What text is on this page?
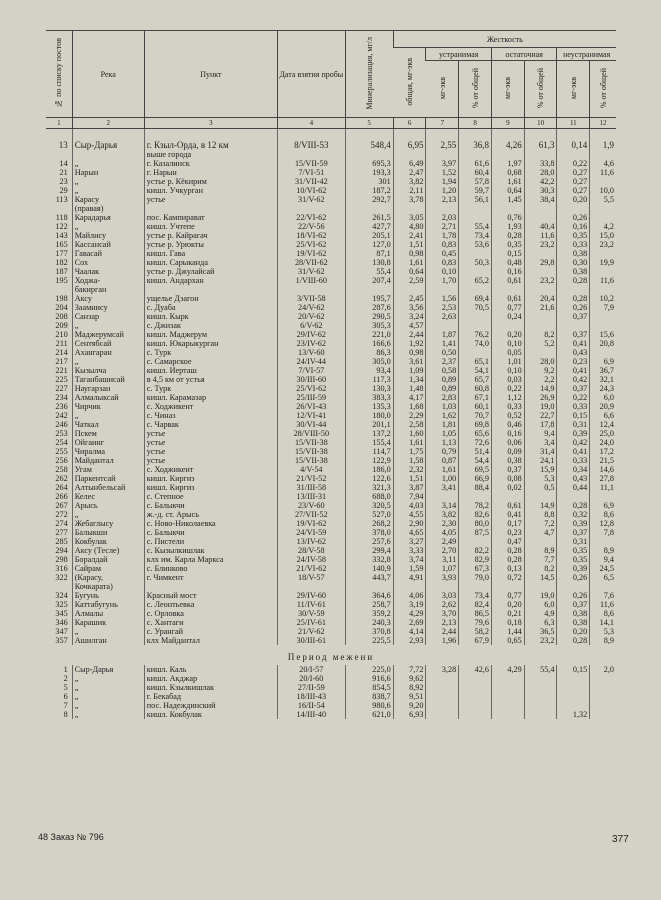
№ по списку постов	Река	Пункт	Дата взятия пробы	Минерализация, мг/л	Жесткость						
					общая, мг-экв	устранимая		остаточная		неустранимая	
						мг-экв	% от общей	мг-экв	% от общей	мг-экв	% от общей
1	2	3	4	5	6	7	8	9	10	11	12
13	Сыр-Дарья	г. Кзыл-Орда, в 12 км	8/VIII-53	548,4	6,95	2,55	36,8	4,26	61,3	0,14	1,9
		выше города									
14	„	г. Казалинск	15/VII-59	695,3	6,49	3,97	61,6	1,97	33,8	0,22	4,6
21	Нарын	г. Нарын	7/VI-51	193,3	2,47	1,52	60,4	0,68	28,0	0,27	11,6
23	„	устье р. Кёкирим	31/VII-42	301	3,82	1,94	57,8	1,61	42,2	0,27	
29	„	кишл. Учкурган	10/VI-62	187,2	2,11	1,20	59,7	0,64	30,3	0,27	10,0
113	Карасу	устье	31/V-62	292,7	3,78	2,13	56,1	1,45	38,4	0,20	5,5
	(правая)										
118	Карадарья	пос. Кампирават	22/VI-62	261,5	3,05	2,03		0,76		0,26	
122	„	кишл. Учтепе	22/V-56	427,7	4,80	2,71	55,4	1,93	40,4	0,16	4,2
143	Майлису	устье р. Кайрагач	18/VI-62	205,1	2,41	1,78	73,4	0,28	11,6	0,35	15,0
165	Кассансай	устье р. Урюкты	25/VI-62	127,0	1,51	0,83	53,6	0,35	23,2	0,33	23,2
177	Гавасай	кишл. Гава	19/VI-62	87,1	0,98	0,45		0,15		0,38	
182	Сох	кишл. Сарыканда	28/VII-62	130,8	1,61	0,83	50,3	0,48	29,8	0,30	19,9
187	Чаалак	устье р. Джулайсай	31/V-62	55,4	0,64	0,10		0,16		0,38	
195	Ходжа-	кишл. Андархан	1/VIII-60	207,4	2,59	1,70	65,2	0,61	23,2	0,28	11,6
	бакирган										
198	Аксу	ущелье Дзагон	3/VII-58	195,7	2,45	1,56	69,4	0,61	20,4	0,28	10,2
204	Заамнисy	с. Дуаба	24/V-62	287,6	3,56	2,53	70,5	0,77	21,6	0,26	7,9
208	Санзар	кишл. Кырк	20/V-62	290,5	3,24	2,63		0,24		0,37	
209	„	с. Джизак	6/V-62	305,3	4,57						
210	Маджерумсай	кишл. Маджерум	29/IV-62	221,0	2,44	1,87	76,2	0,20	8,2	0,37	15,6
211	Сентябсай	кишл. Юкарыкурган	23/IV-62	166,6	1,92	1,41	74,0	0,10	5,2	0,41	20,8
214	Ахангаран	с. Турк	13/V-60	86,3	0,98	0,50		0,05		0,43	
217	„	с. Самарское	24/IV-44	305,0	3,61	2,37	65,1	1,01	28,0	0,23	6,9
221	Кызылча	кишл. Иерташ	7/VI-57	93,4	1,09	0,58	54,1	0,10	9,2	0,41	36,7
225	Таганбашисай	в 4,5 км от устья	30/III-60	117,3	1,34	0,89	65,7	0,03	2,2	0,42	32,1
227	Наугарзан	с. Турк	25/VI-62	130,3	1,48	0,89	60,8	0,22	14,9	0,37	24,3
234	Алмалыксай	кишл. Карамазар	25/III-59	383,3	4,17	2,83	67,1	1,12	26,9	0,22	6,0
236	Чирчик	с. Ходжикент	26/VI-43	135,3	1,68	1,03	60,1	0,33	19,0	0,33	20,9
242	„	с. Чиназ	12/VI-41	180,0	2,29	1,62	70,7	0,52	22,7	0,15	6,6
246	Чаткал	с. Чарвак	30/VI-44	201,1	2,58	1,81	69,8	0,46	17,8	0,31	12,4
253	Пскем	устье	28/VIII-50	137,2	1,60	1,05	65,6	0,16	9,4	0,39	25,0
254	Ойгаинг	устье	15/VII-38	155,4	1,61	1,13	72,6	0,06	3,4	0,42	24,0
255	Чиралма	устье	15/VII-38	114,7	1,75	0,79	51,4	0,09	31,4	0,41	17,2
256	Майдантал	устье	15/VII-38	122,9	1,58	0,87	54,4	0,38	24,1	0,33	21,5
258	Угам	с. Ходжикент	4/V-54	186,0	2,32	1,61	69,5	0,37	15,9	0,34	14,6
262	Паркентсай	кишл. Киргиз	21/VI-52	122,6	1,51	1,00	66,9	0,08	5,3	0,43	27,8
264	Алтынбельсай	кишл. Киргиз	31/III-58	321,3	3,87	3,41	88,4	0,02	0,5	0,44	11,1
266	Келес	с. Степное	13/III-31	688,0	7,94						
267	Арысь	с. Балыкчи	23/V-60	320,5	4,03	3,14	78,2	0,61	14,9	0,28	6,9
272	„	ж.-д. ст. Арысь	27/VII-52	527,0	4,55	3,82	82,6	0,41	8,8	0,32	8,6
274	Жебаглысу	с. Ново-Николаевка	19/VI-62	268,2	2,90	2,30	80,0	0,17	7,2	0,39	12,8
277	Балыкши	с. Балыкчи	24/VI-59	378,0	4,65	4,05	87,5	0,23	4,7	0,37	7,8
285	Кокбулак	с. Пистели	13/IV-62	257,6	3,27	2,49		0,47		0,31	
294	Аксу (Тесле)	с. Кызылкишлак	28/V-58	299,4	3,33	2,70	82,2	0,28	8,9	0,35	8,9
298	Боралдай	клх им. Карла Маркса	24/IV-58	332,8	3,74	3,11	82,9	0,28	7,7	0,35	9,4
316	Сайрам	с. Блинково	21/VI-62	140,9	1,59	1,07	67,3	0,13	8,2	0,39	24,5
322	(Карасу,	г. Чимкент	18/V-57	443,7	4,91	3,93	79,0	0,72	14,5	0,26	6,5
	Кочкарата)										
324	Бугунь	Красный мост	29/IV-60	364,6	4,06	3,03	73,4	0,77	19,0	0,26	7,6
325	Каттабугунь	с. Леонтьевка	11/IV-61	258,7	3,19	2,62	82,4	0,20	6,0	0,37	11,6
345	Алмалы	с. Орловка	30/V-59	359,2	4,29	3,70	86,5	0,21	4,9	0,38	8,6
346	Карашик	с. Хантаги	25/IV-61	240,3	2,69	2,13	79,6	0,18	6,3	0,38	14,1
347	„	с. Урангай	21/V-62	370,8	4,14	2,44	58,2	1,44	36,5	0,20	5,3
357	Ашилган	клх Майдантал	30/III-61	225,5	2,93	1,96	67,9	0,65	23,2	0,28	8,9
Период межени											
1	Сыр-Дарья	кишл. Каль	20/I-57	225,0	7,72	3,28	42,6	4,29	55,4	0,15	2,0
2	„	кишл. Акджар	20/I-60	916,6	9,62						
5	„	кишл. Кзылкишлак	27/II-59	854,5	8,92						
6	„	г. Бекабад	18/III-43	838,7	9,51						
7	„	пос. Надеждинский	16/II-54	980,6	9,20						
8	„	кишл. Кокбулак	14/III-40	621,0	6,93					1,32	
48 Заказ № 796	377
